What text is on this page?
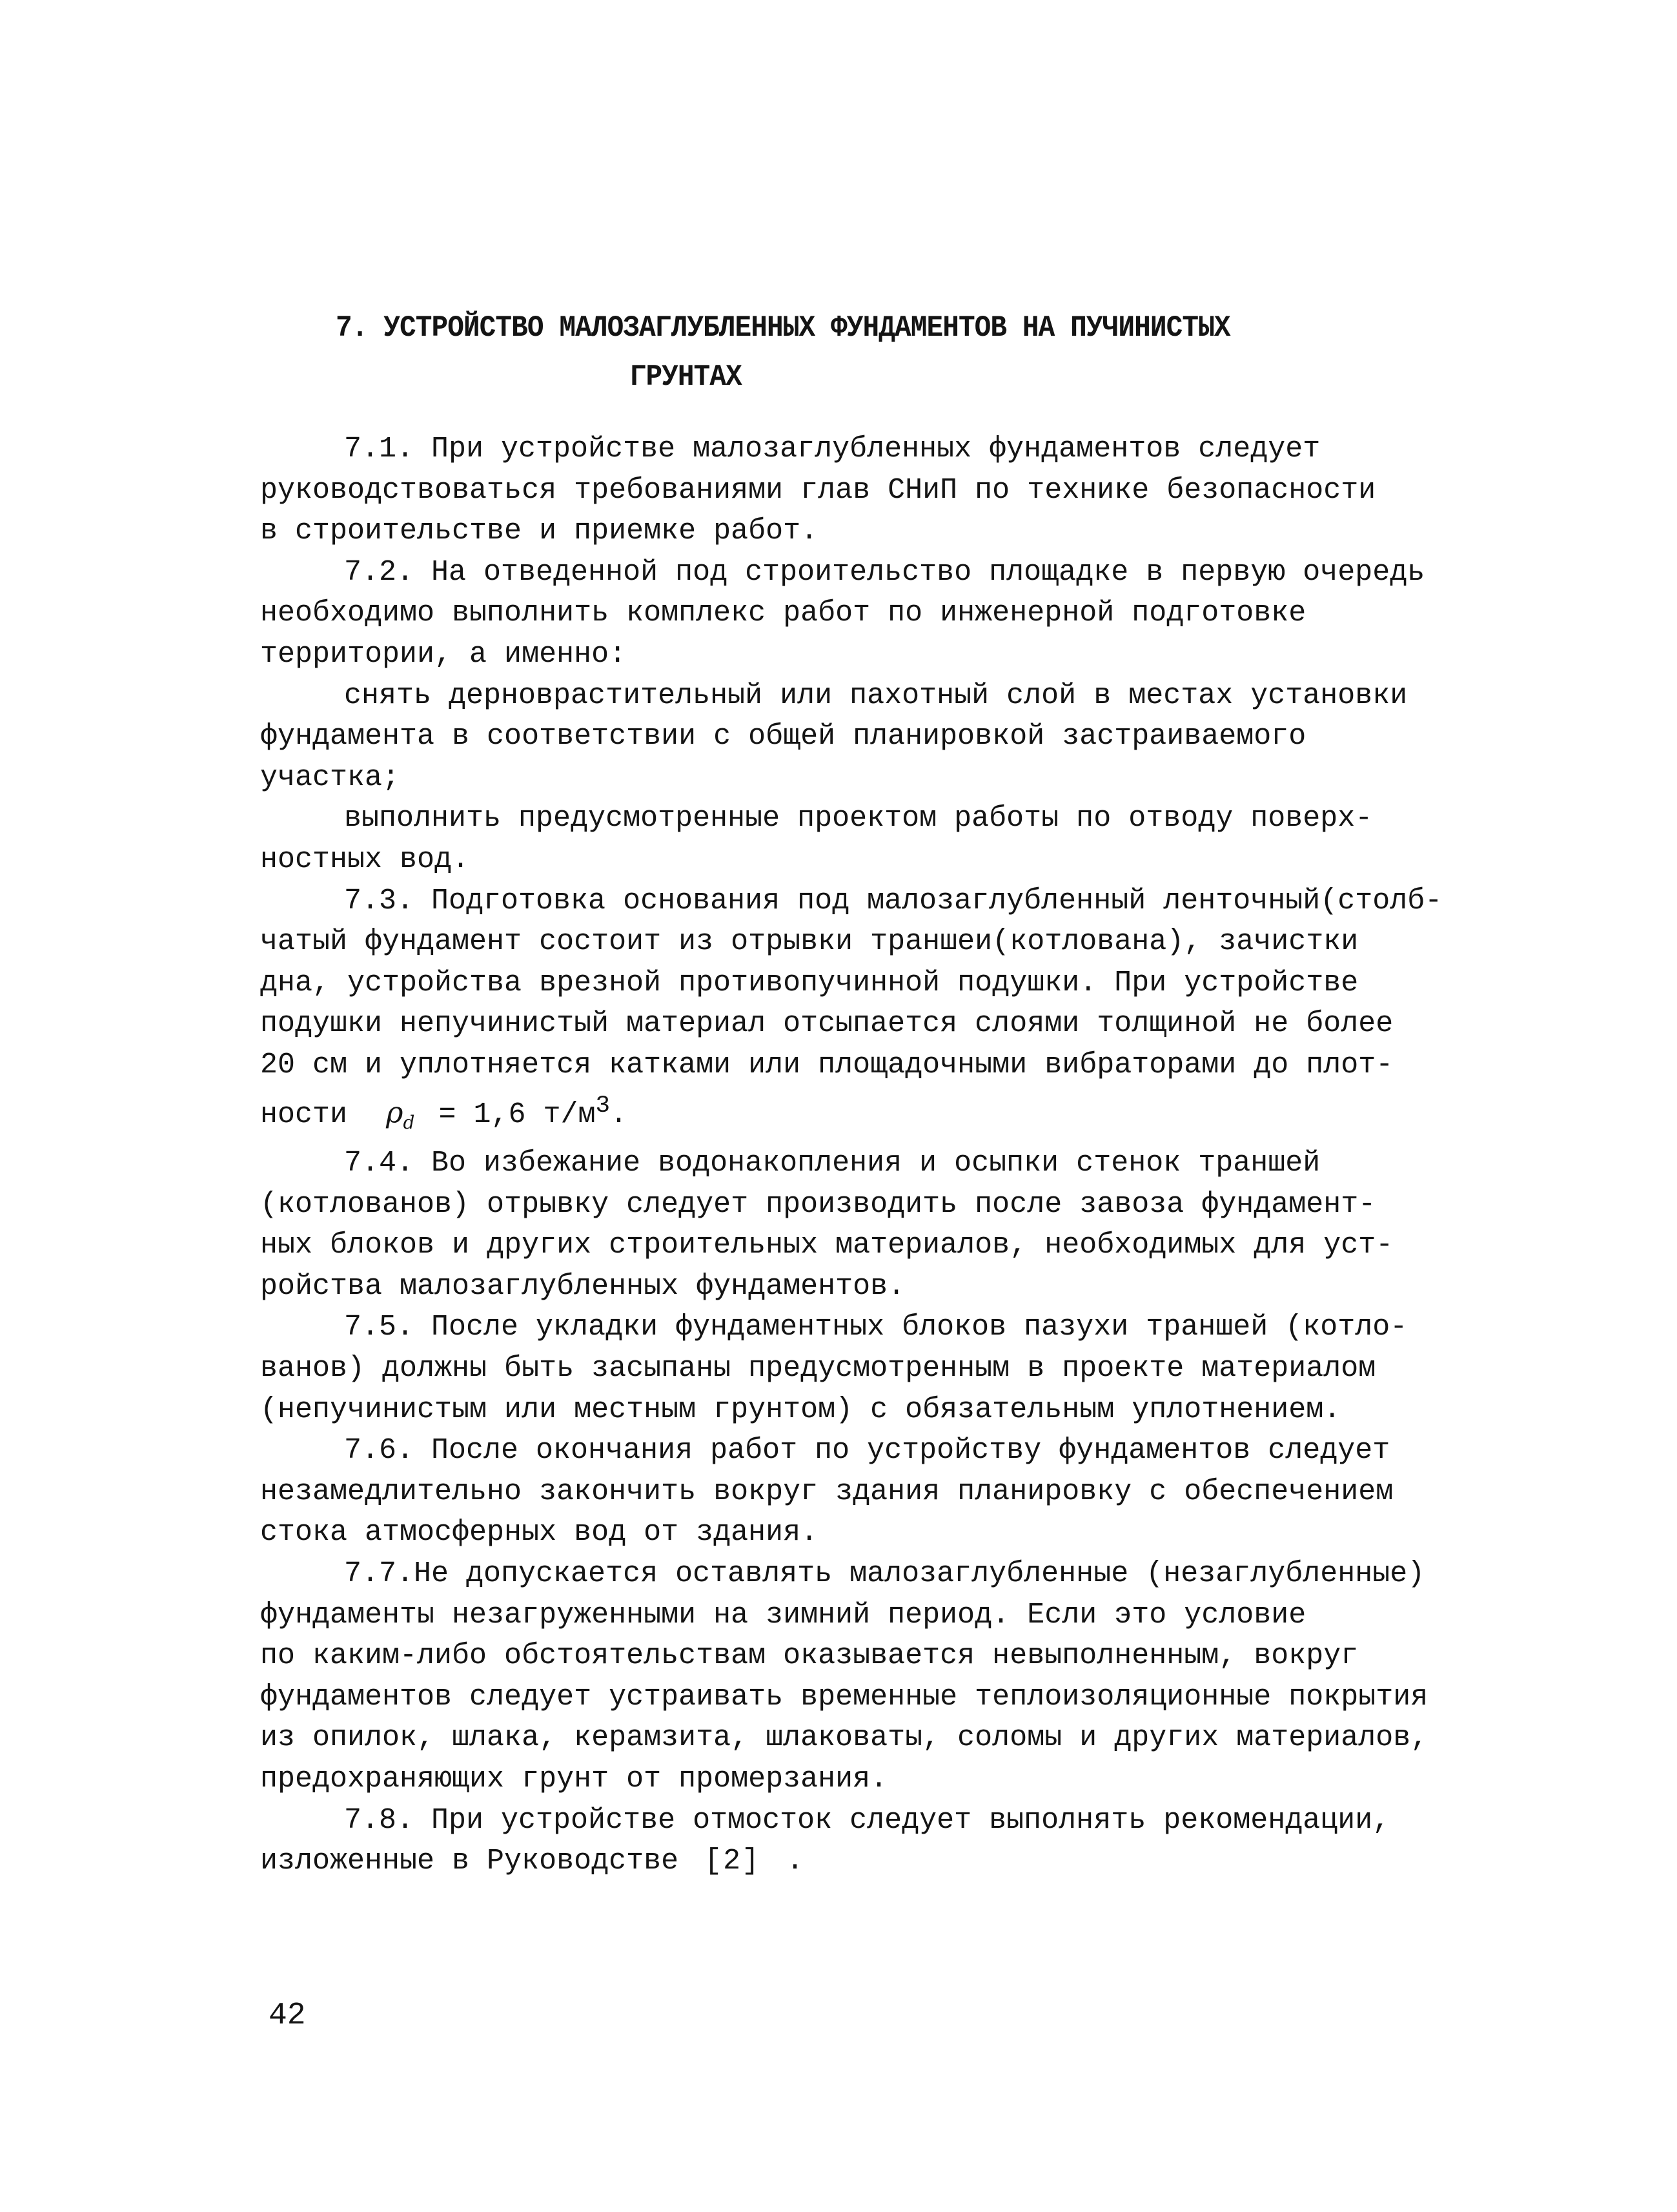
7. УСТРОЙСТВО МАЛОЗАГЛУБЛЕННЫХ ФУНДАМЕНТОВ НА ПУЧИНИСТЫХ
ГРУНТАХ

7.1. При устройстве малозаглубленных фундаментов следует
руководствоваться требованиями глав СНиП по технике безопасности
в строительстве и приемке работ.

7.2. На отведенной под строительство площадке в первую очередь
необходимо выполнить комплекс работ по инженерной подготовке
территории, а именно:

снять дерноврастительный или пахотный слой в местах установки
фундамента в соответствии с общей планировкой застраиваемого
участка;

выполнить предусмотренные проектом работы по отводу поверх-
ностных вод.

7.3. Подготовка основания под малозаглубленный ленточный(столб-
чатый фундамент состоит из отрывки траншеи(котлована), зачистки
дна, устройства врезной противопучинной подушки. При устройстве
подушки непучинистый материал отсыпается слоями толщиной не более
20 см и уплотняется катками или площадочными вибраторами до плот-
ности $\rho_d = 1,6$ $т/м^3$.

7.4. Во избежание водонакопления и осыпки стенок траншей
(котлованов) отрывку следует производить после завоза фундамент-
ных блоков и других строительных материалов, необходимых для уст-
ройства малозаглубленных фундаментов.

7.5. После укладки фундаментных блоков пазухи траншей (котло-
ванов) должны быть засыпаны предусмотренным в проекте материалом
(непучинистым или местным грунтом) с обязательным уплотнением.

7.6. После окончания работ по устройству фундаментов следует
незамедлительно закончить вокруг здания планировку с обеспечением
стока атмосферных вод от здания.

7.7.Не допускается оставлять малозаглубленные (незаглубленные)
фундаменты незагруженными на зимний период. Если это условие
по каким-либо обстоятельствам оказывается невыполненным, вокруг
фундаментов следует устраивать временные теплоизоляционные покрытия
из опилок, шлака, керамзита, шлаковаты, соломы и других материалов,
предохраняющих грунт от промерзания.

7.8. При устройстве отмосток следует выполнять рекомендации,
изложенные в Руководстве [2] .

42
